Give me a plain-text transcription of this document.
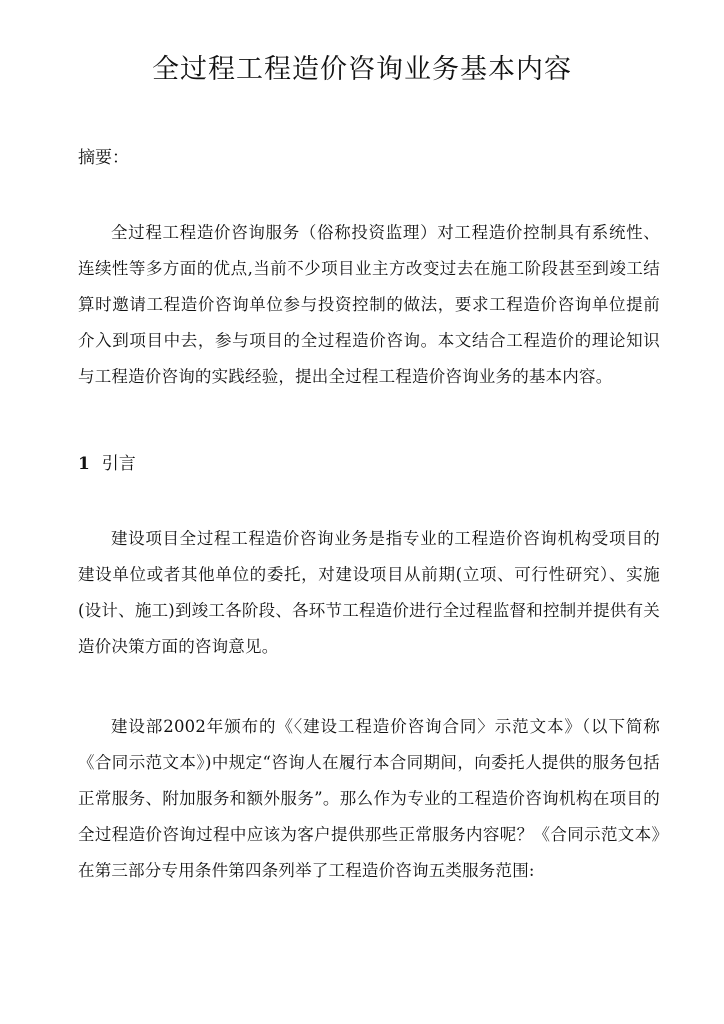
全过程工程造价咨询业务基本内容
摘要：
全过程工程造价咨询服务（俗称投资监理）对工程造价控制具有系统性、连续性等多方面的优点,当前不少项目业主方改变过去在施工阶段甚至到竣工结算时邀请工程造价咨询单位参与投资控制的做法，要求工程造价咨询单位提前介入到项目中去，参与项目的全过程造价咨询。本文结合工程造价的理论知识与工程造价咨询的实践经验，提出全过程工程造价咨询业务的基本内容。
1 引言
建设项目全过程工程造价咨询业务是指专业的工程造价咨询机构受项目的建设单位或者其他单位的委托，对建设项目从前期(立项、可行性研究）、实施(设计、施工)到竣工各阶段、各环节工程造价进行全过程监督和控制并提供有关造价决策方面的咨询意见。
建设部2002年颁布的《〈建设工程造价咨询合同〉示范文本》（以下简称《合同示范文本》)中规定“咨询人在履行本合同期间，向委托人提供的服务包括正常服务、附加服务和额外服务”。那么作为专业的工程造价咨询机构在项目的全过程造价咨询过程中应该为客户提供那些正常服务内容呢？《合同示范文本》在第三部分专用条件第四条列举了工程造价咨询五类服务范围:
